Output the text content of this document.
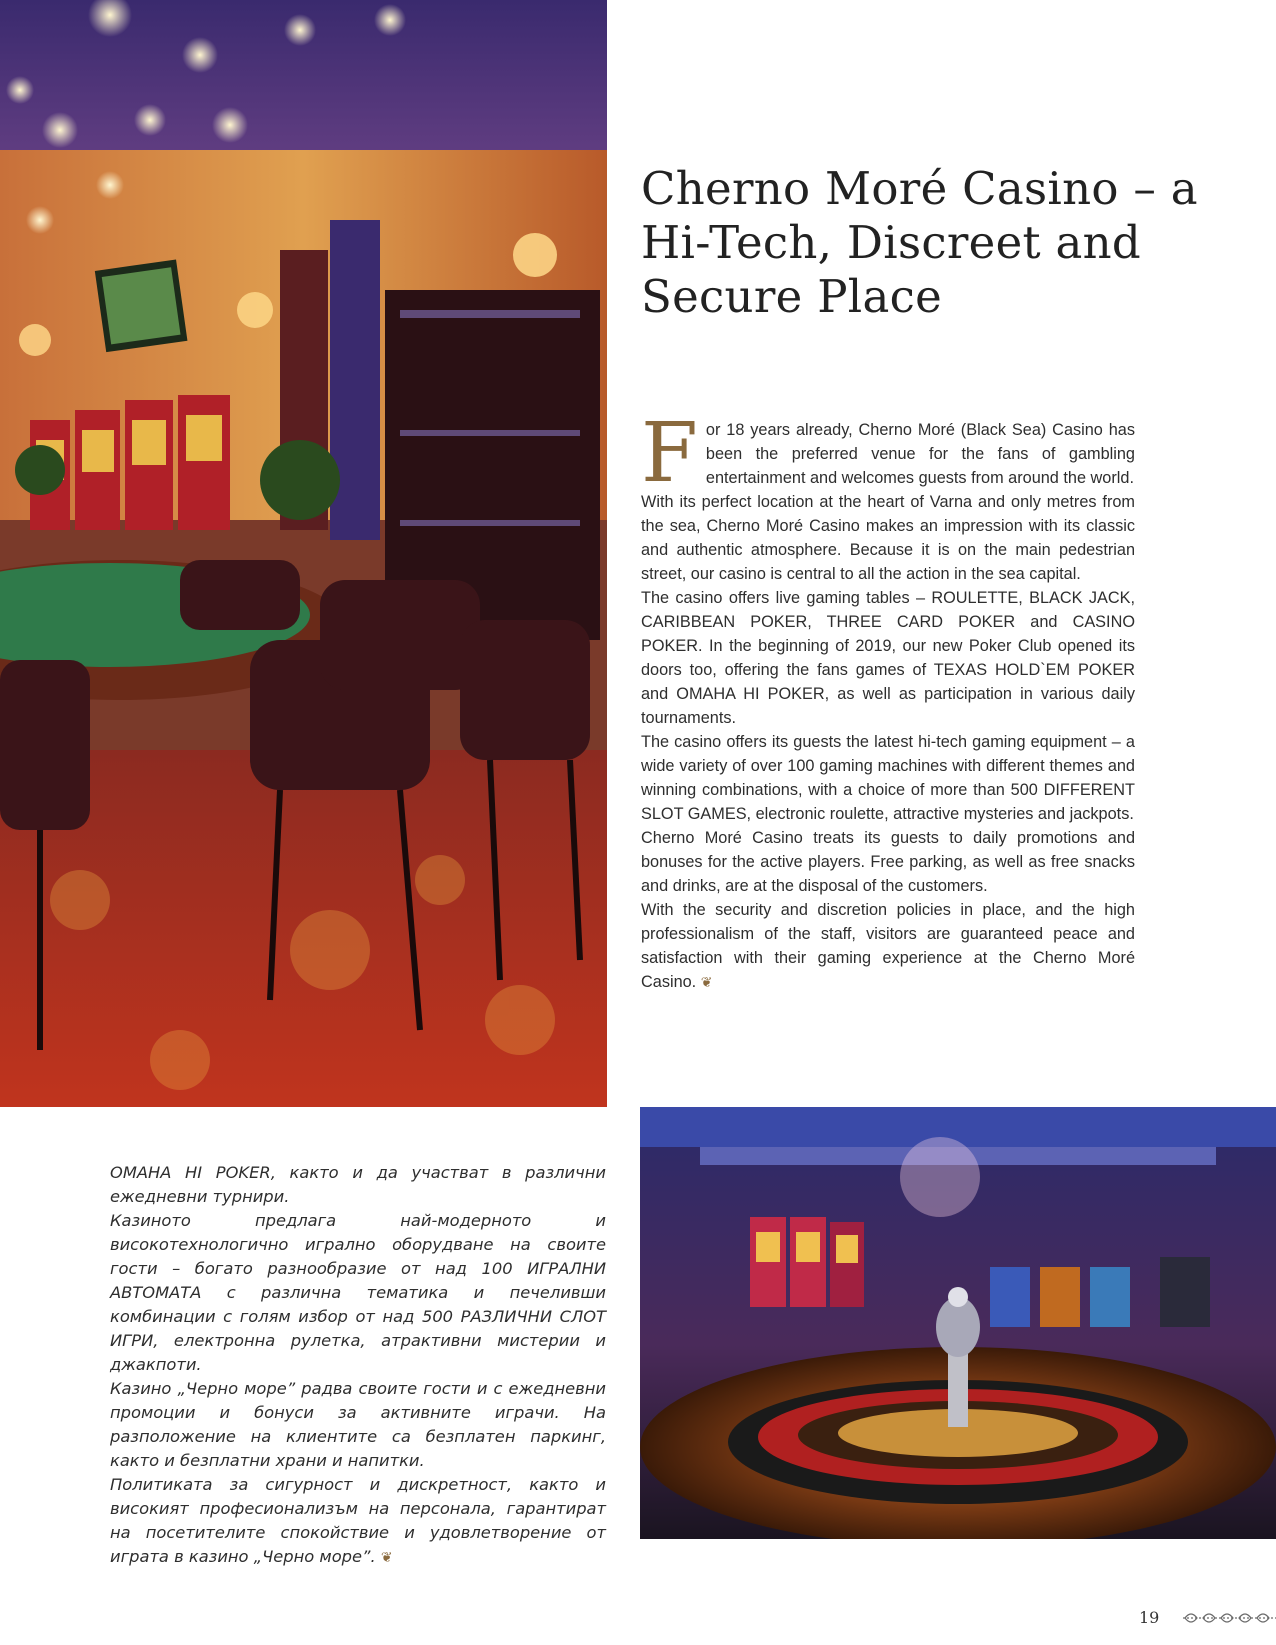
Cherno Moré Casino – a Hi-Tech, Discreet and Secure Place

For 18 years already, Cherno Moré (Black Sea) Casino has been the preferred venue for the fans of gambling entertainment and welcomes guests from around the world.

With its perfect location at the heart of Varna and only metres from the sea, Cherno Moré Casino makes an impression with its classic and authentic atmosphere. Because it is on the main pedestrian street, our casino is central to all the action in the sea capital.

The casino offers live gaming tables – ROULETTE, BLACK JACK, CARIBBEAN POKER, THREE CARD POKER and CASINO POKER. In the beginning of 2019, our new Poker Club opened its doors too, offering the fans games of TEXAS HOLD`EM POKER and OMAHA HI POKER, as well as participation in various daily tournaments.

The casino offers its guests the latest hi-tech gaming equipment – a wide variety of over 100 gaming machines with different themes and winning combinations, with a choice of more than 500 DIFFERENT SLOT GAMES, electronic roulette, attractive mysteries and jackpots.

Cherno Moré Casino treats its guests to daily promotions and bonuses for the active players. Free parking, as well as free snacks and drinks, are at the disposal of the customers.

With the security and discretion policies in place, and the high professionalism of the staff, visitors are guaranteed peace and satisfaction with their gaming experience at the Cherno Moré Casino. ❦

OMAHA HI POKER, както и да участват в различни ежедневни турнири.

Казиното предлага най-модерното и високотехнологично игрално оборудване на своите гости – богато разнообразие от над 100 ИГРАЛНИ АВТОМАТА с различна тематика и печеливши комбинации с голям избор от над 500 РАЗЛИЧНИ СЛОТ ИГРИ, електронна рулетка, атрактивни мистерии и джакпоти.

Казино „Черно море” радва своите гости и с ежедневни промоции и бонуси за активните играчи. На разположение на клиентите са безплатен паркинг, както и безплатни храни и напитки.

Политиката за сигурност и дискретност, както и високият професионализъм на персонала, гарантират на посетителите спокойствие и удовлетворение от играта в казино „Черно море”. ❦

19
